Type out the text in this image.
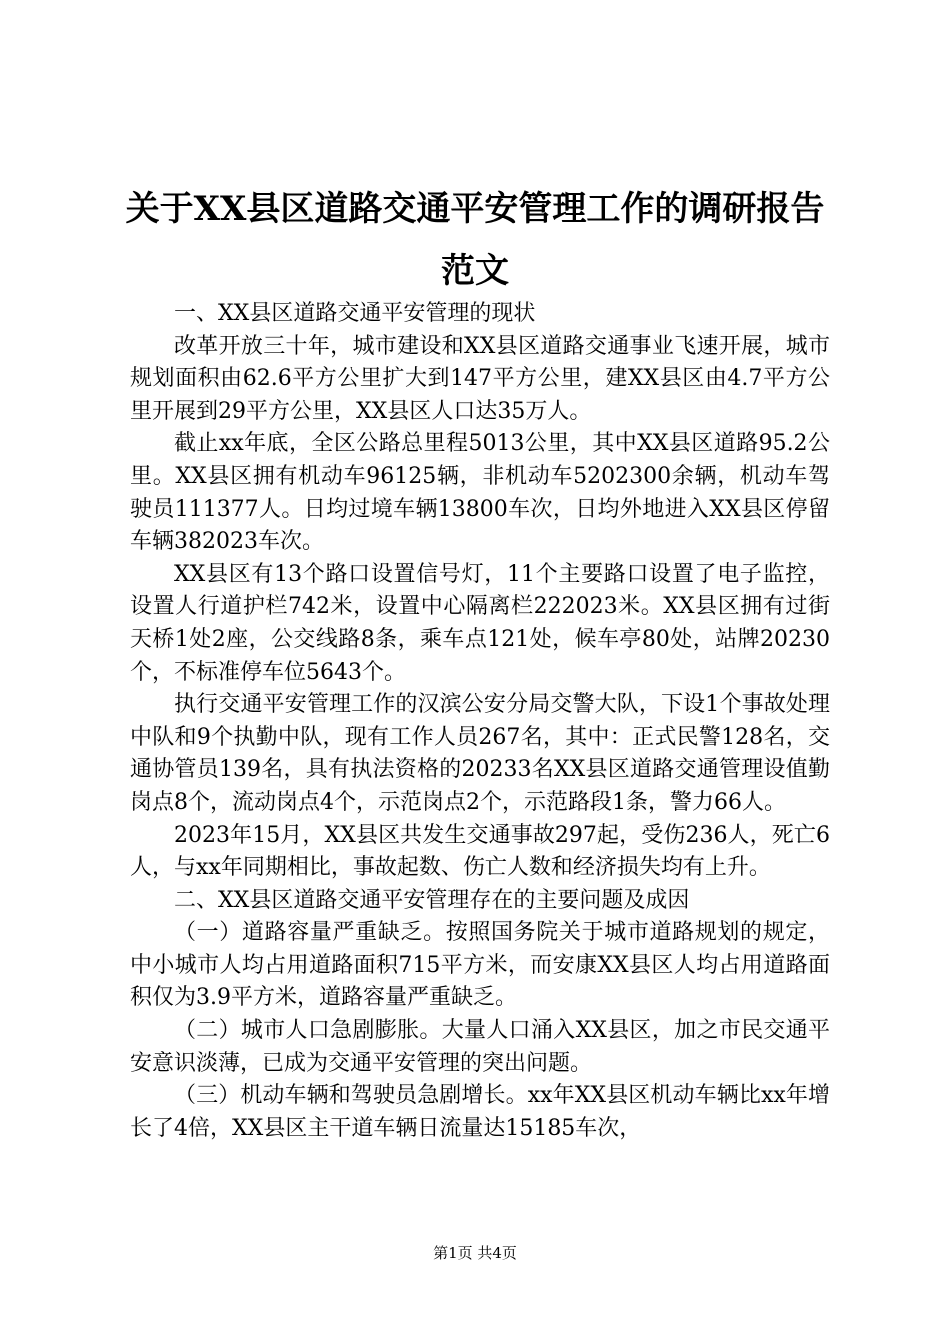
关于XX县区道路交通平安管理工作的调研报告范文

一、XX县区道路交通平安管理的现状

改革开放三十年，城市建设和XX县区道路交通事业飞速开展，城市规划面积由62.6平方公里扩大到147平方公里，建XX县区由4.7平方公里开展到29平方公里，XX县区人口达35万人。

截止xx年底，全区公路总里程5013公里，其中XX县区道路95.2公里。XX县区拥有机动车96125辆，非机动车5202300余辆，机动车驾驶员111377人。日均过境车辆13800车次，日均外地进入XX县区停留车辆382023车次。

XX县区有13个路口设置信号灯，11个主要路口设置了电子监控，设置人行道护栏742米，设置中心隔离栏222023米。XX县区拥有过街天桥1处2座，公交线路8条，乘车点121处，候车亭80处，站牌20230个，不标准停车位5643个。

执行交通平安管理工作的汉滨公安分局交警大队，下设1个事故处理中队和9个执勤中队，现有工作人员267名，其中：正式民警128名，交通协管员139名，具有执法资格的20233名XX县区道路交通管理设值勤岗点8个，流动岗点4个，示范岗点2个，示范路段1条，警力66人。

2023年15月，XX县区共发生交通事故297起，受伤236人，死亡6人，与xx年同期相比，事故起数、伤亡人数和经济损失均有上升。

二、XX县区道路交通平安管理存在的主要问题及成因

（一）道路容量严重缺乏。按照国务院关于城市道路规划的规定，中小城市人均占用道路面积715平方米，而安康XX县区人均占用道路面积仅为3.9平方米，道路容量严重缺乏。

（二）城市人口急剧膨胀。大量人口涌入XX县区，加之市民交通平安意识淡薄，已成为交通平安管理的突出问题。

（三）机动车辆和驾驶员急剧增长。xx年XX县区机动车辆比xx年增长了4倍，XX县区主干道车辆日流量达15185车次，

第1页 共4页
